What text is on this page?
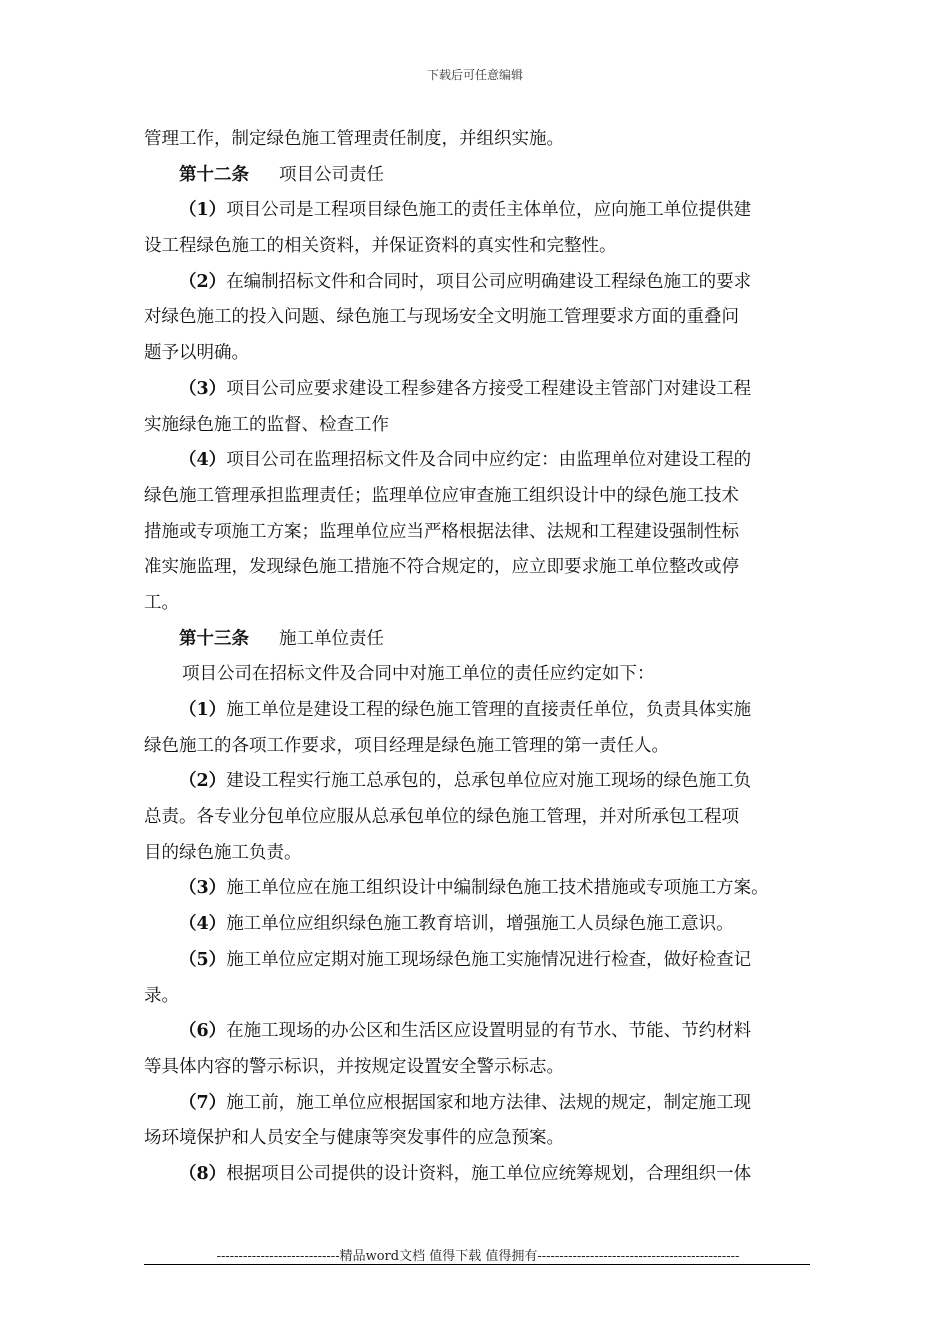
下载后可任意编辑
管理工作，制定绿色施工管理责任制度，并组织实施。
第十二条 项目公司责任
（1）项目公司是工程项目绿色施工的责任主体单位，应向施工单位提供建
设工程绿色施工的相关资料，并保证资料的真实性和完整性。
（2）在编制招标文件和合同时，项目公司应明确建设工程绿色施工的要求
对绿色施工的投入问题、绿色施工与现场安全文明施工管理要求方面的重叠问
题予以明确。
（3）项目公司应要求建设工程参建各方接受工程建设主管部门对建设工程
实施绿色施工的监督、检查工作
（4）项目公司在监理招标文件及合同中应约定：由监理单位对建设工程的
绿色施工管理承担监理责任；监理单位应审查施工组织设计中的绿色施工技术
措施或专项施工方案；监理单位应当严格根据法律、法规和工程建设强制性标
准实施监理，发现绿色施工措施不符合规定的，应立即要求施工单位整改或停
工。
第十三条 施工单位责任
项目公司在招标文件及合同中对施工单位的责任应约定如下：
（1）施工单位是建设工程的绿色施工管理的直接责任单位，负责具体实施
绿色施工的各项工作要求，项目经理是绿色施工管理的第一责任人。
（2）建设工程实行施工总承包的，总承包单位应对施工现场的绿色施工负
总责。各专业分包单位应服从总承包单位的绿色施工管理，并对所承包工程项
目的绿色施工负责。
（3）施工单位应在施工组织设计中编制绿色施工技术措施或专项施工方案。
（4）施工单位应组织绿色施工教育培训，增强施工人员绿色施工意识。
（5）施工单位应定期对施工现场绿色施工实施情况进行检查，做好检查记
录。
（6）在施工现场的办公区和生活区应设置明显的有节水、节能、节约材料
等具体内容的警示标识，并按规定设置安全警示标志。
（7）施工前，施工单位应根据国家和地方法律、法规的规定，制定施工现
场环境保护和人员安全与健康等突发事件的应急预案。
（8）根据项目公司提供的设计资料，施工单位应统筹规划，合理组织一体
----------------------------精品word文档 值得下载 值得拥有----------------------------------------------
